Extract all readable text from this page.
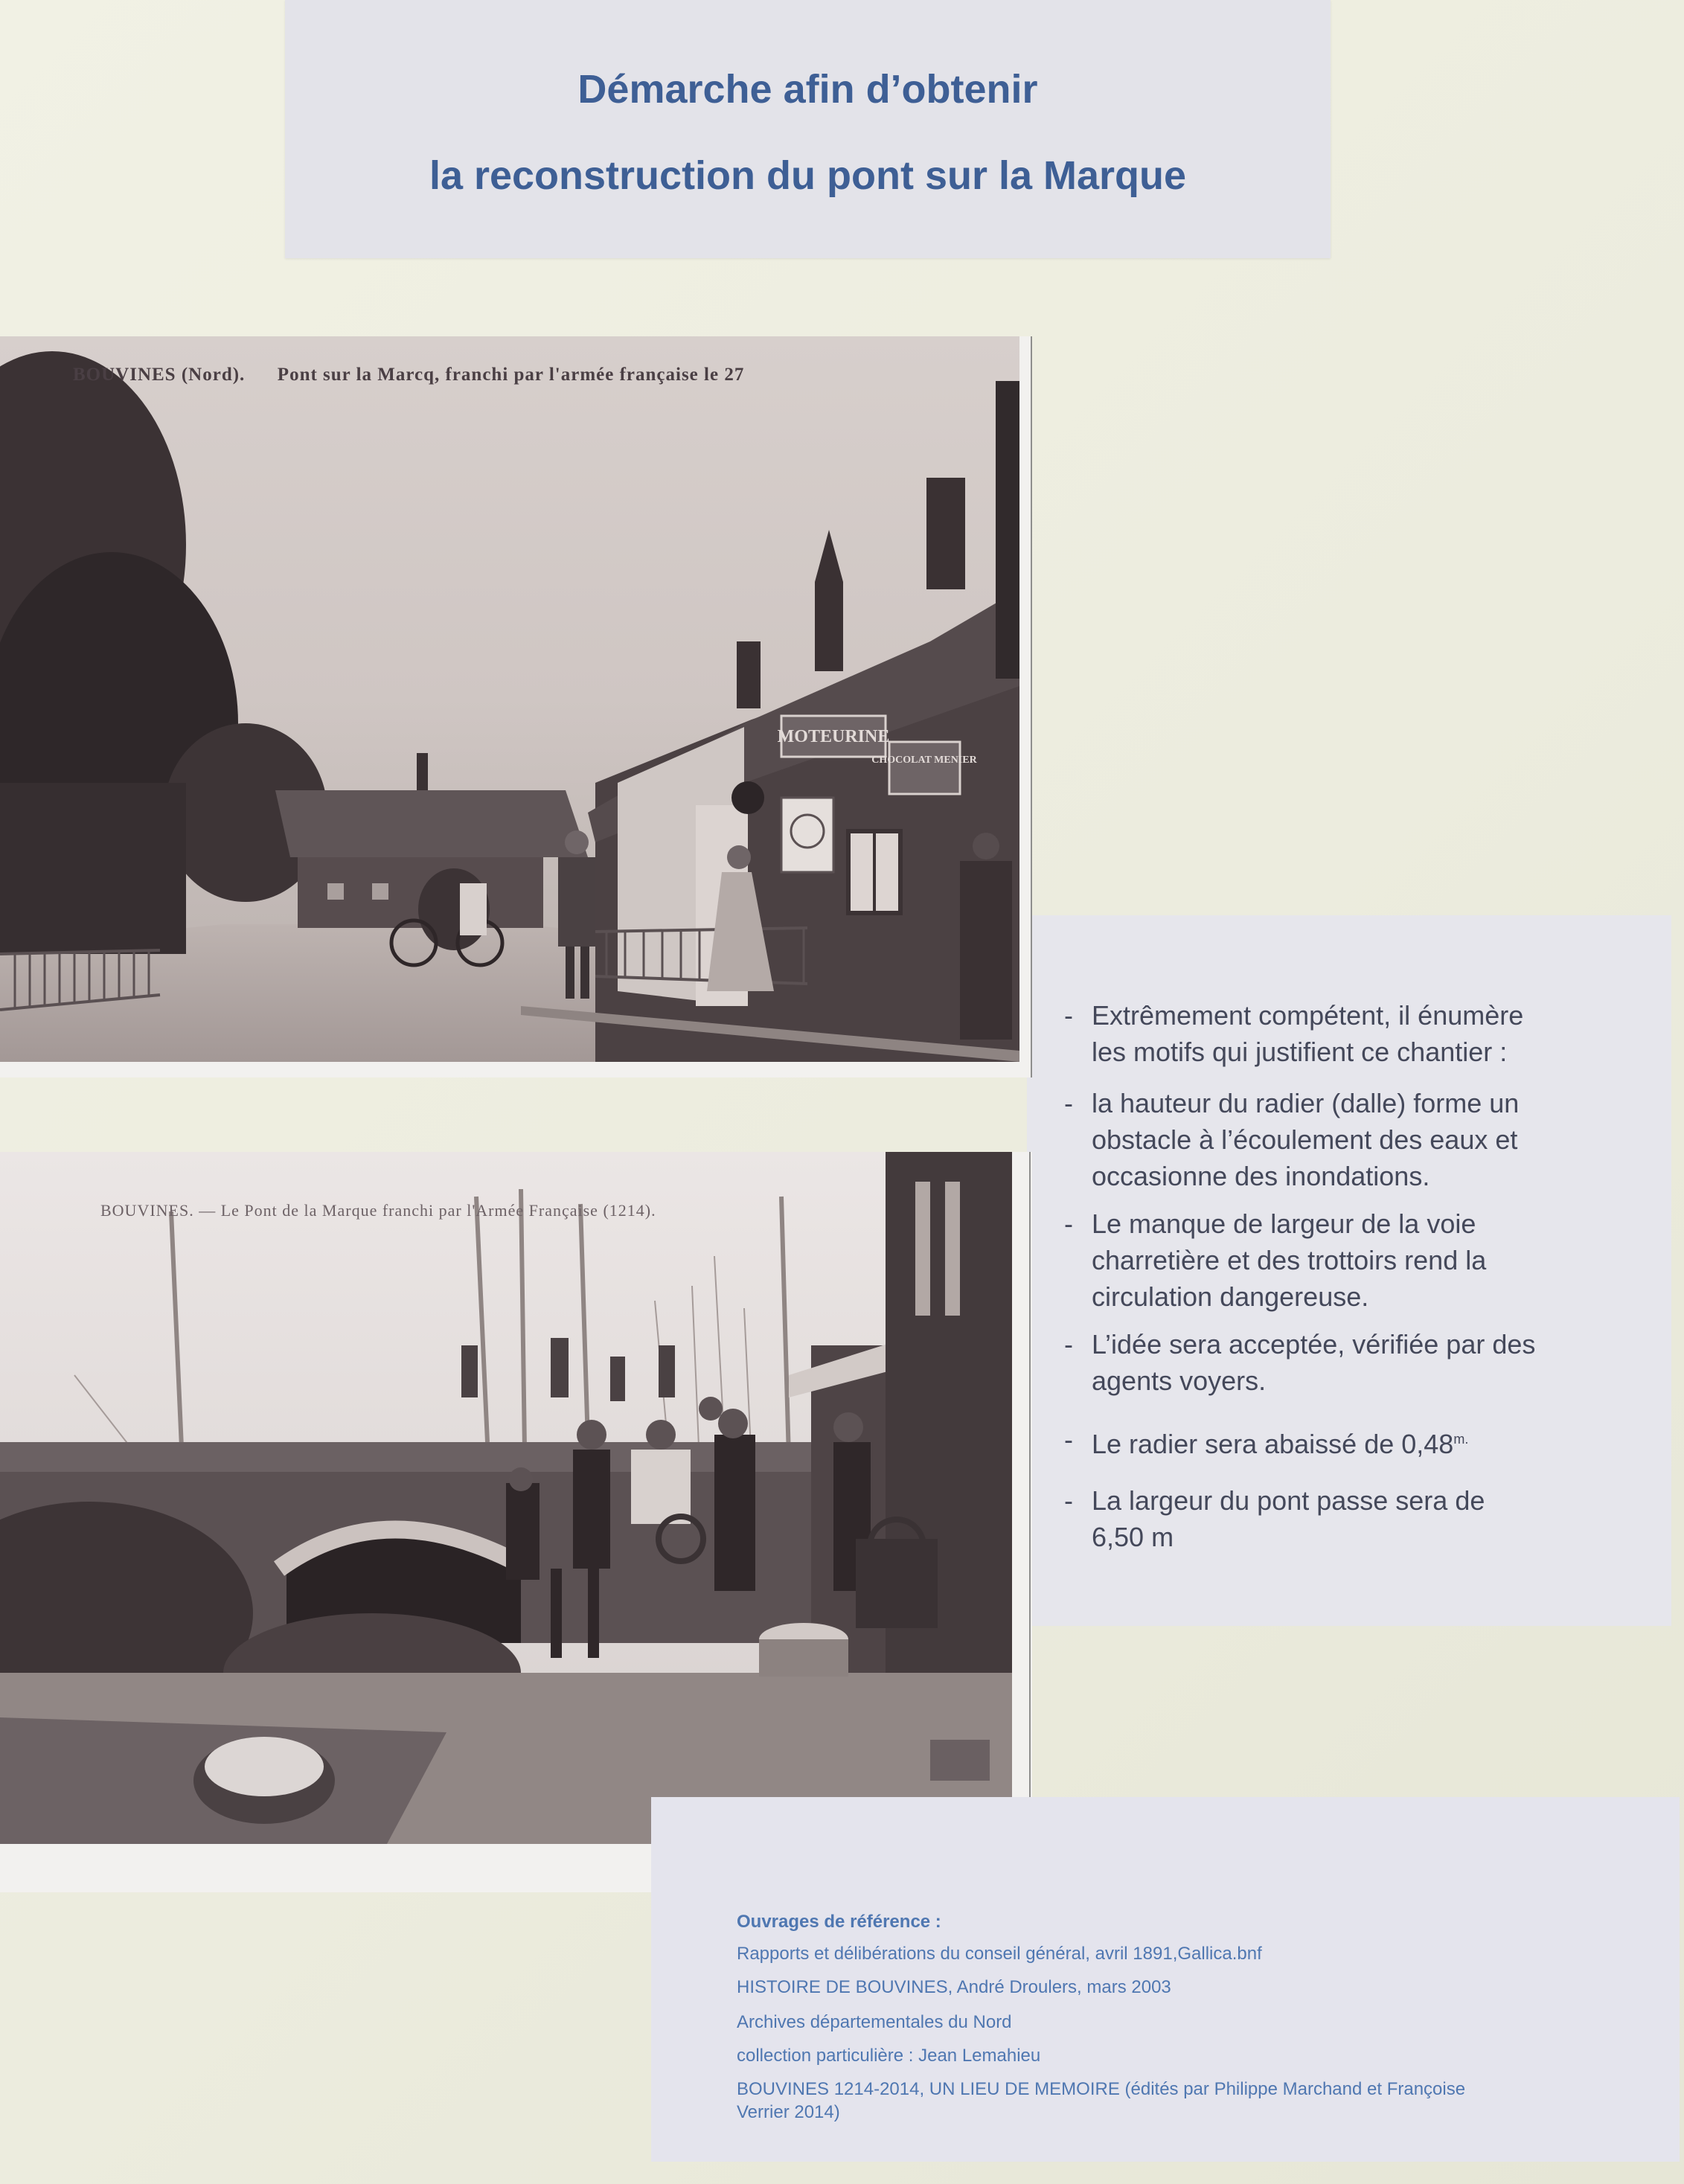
Démarche afin d’obtenir
la reconstruction du pont sur la Marque
MOTEURINE
CHOCOLAT MENIER
BOUVINES (Nord). Pont sur la Marcq, franchi par l'armée française le 27
BOUVINES. — Le Pont de la Marque franchi par l'Armée Française (1214).
- Extrêmement compétent, il énumère
les motifs qui justifient ce chantier :
- la hauteur du radier (dalle) forme un
obstacle à l’écoulement des eaux et
occasionne des inondations.
- Le manque de largeur de la voie
charretière et des trottoirs rend la
circulation dangereuse.
- L’idée sera acceptée, vérifiée par des
agents voyers.
- Le radier sera abaissé de $0,48^{m.}$
- La largeur du pont passe sera de
6,50 m
Ouvrages de référence :
Rapports et délibérations du conseil général, avril 1891,Gallica.bnf
HISTOIRE DE BOUVINES, André Droulers, mars 2003
Archives départementales du Nord
collection particulière : Jean Lemahieu
BOUVINES 1214-2014, UN LIEU DE MEMOIRE (édités par Philippe Marchand et Françoise
Verrier 2014)
